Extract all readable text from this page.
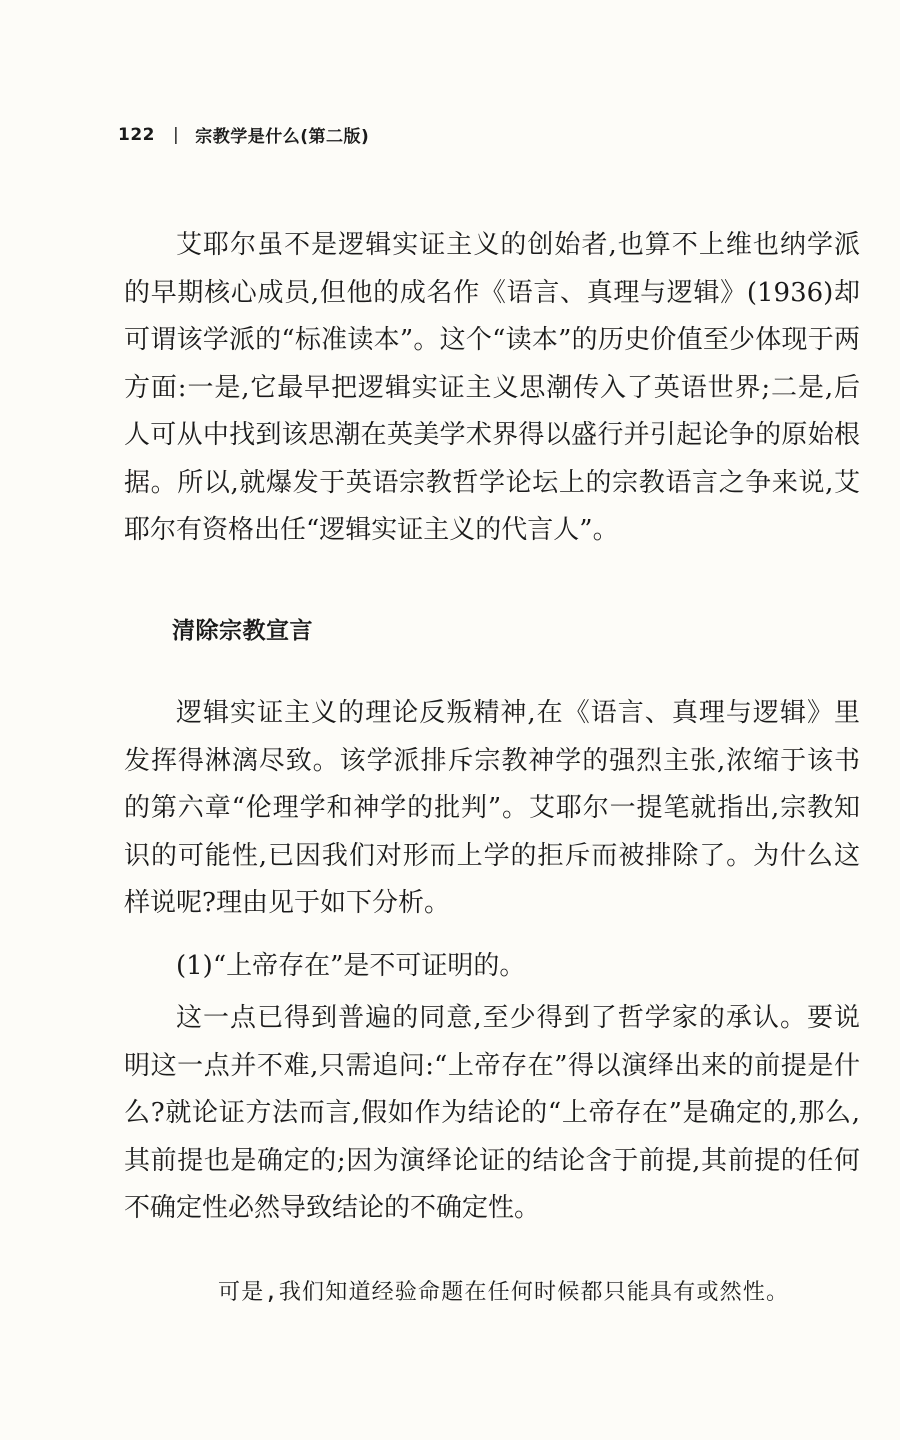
122 | 宗教学是什么(第二版)

艾耶尔虽不是逻辑实证主义的创始者,也算不上维也纳学派的早期核心成员,但他的成名作《语言、真理与逻辑》(1936)却可谓该学派的“标准读本”。这个“读本”的历史价值至少体现于两方面:一是,它最早把逻辑实证主义思潮传入了英语世界;二是,后人可从中找到该思潮在英美学术界得以盛行并引起论争的原始根据。所以,就爆发于英语宗教哲学论坛上的宗教语言之争来说,艾耶尔有资格出任“逻辑实证主义的代言人”。

清除宗教宣言

逻辑实证主义的理论反叛精神,在《语言、真理与逻辑》里发挥得淋漓尽致。该学派排斥宗教神学的强烈主张,浓缩于该书的第六章“伦理学和神学的批判”。艾耶尔一提笔就指出,宗教知识的可能性,已因我们对形而上学的拒斥而被排除了。为什么这样说呢?理由见于如下分析。

(1)“上帝存在”是不可证明的。

这一点已得到普遍的同意,至少得到了哲学家的承认。要说明这一点并不难,只需追问:“上帝存在”得以演绎出来的前提是什么?就论证方法而言,假如作为结论的“上帝存在”是确定的,那么,其前提也是确定的;因为演绎论证的结论含于前提,其前提的任何不确定性必然导致结论的不确定性。

可是,我们知道经验命题在任何时候都只能具有或然性。
